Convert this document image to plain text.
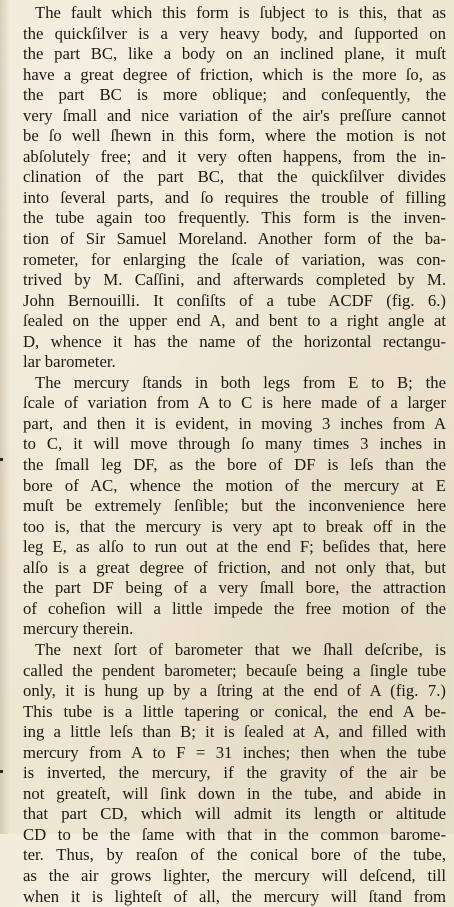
The fault which this form is ſubject to is this, that as
the quickſilver is a very heavy body, and ſupported on
the part BC, like a body on an inclined plane, it muſt
have a great degree of friction, which is the more ſo, as
the part BC is more oblique; and conſequently, the
very ſmall and nice variation of the air's preſſure cannot
be ſo well ſhewn in this form, where the motion is not
abſolutely free; and it very often happens, from the in-
clination of the part BC, that the quickſilver divides
into ſeveral parts, and ſo requires the trouble of filling
the tube again too frequently. This form is the inven-
tion of Sir Samuel Moreland. Another form of the ba-
rometer, for enlarging the ſcale of variation, was con-
trived by M. Caſſini, and afterwards completed by M.
John Bernouilli. It conſiſts of a tube ACDF (fig. 6.)
ſealed on the upper end A, and bent to a right angle at
D, whence it has the name of the horizontal rectangu-
lar barometer.
The mercury ſtands in both legs from E to B; the
ſcale of variation from A to C is here made of a larger
part, and then it is evident, in moving 3 inches from A
to C, it will move through ſo many times 3 inches in
the ſmall leg DF, as the bore of DF is leſs than the
bore of AC, whence the motion of the mercury at E
muſt be extremely ſenſible; but the inconvenience here
too is, that the mercury is very apt to break off in the
leg E, as alſo to run out at the end F; beſides that, here
alſo is a great degree of friction, and not only that, but
the part DF being of a very ſmall bore, the attraction
of coheſion will a little impede the free motion of the
mercury therein.
The next ſort of barometer that we ſhall deſcribe, is
called the pendent barometer; becauſe being a ſingle tube
only, it is hung up by a ſtring at the end of A (fig. 7.)
This tube is a little tapering or conical, the end A be-
ing a little leſs than B; it is ſealed at A, and filled with
mercury from A to F = 31 inches; then when the tube
is inverted, the mercury, if the gravity of the air be
not greateſt, will ſink down in the tube, and abide in
that part CD, which will admit its length or altitude
CD to be the ſame with that in the common barome-
ter. Thus, by reaſon of the conical bore of the tube,
as the air grows lighter, the mercury will deſcend, till
when it is lighteſt of all, the mercury will ſtand from
